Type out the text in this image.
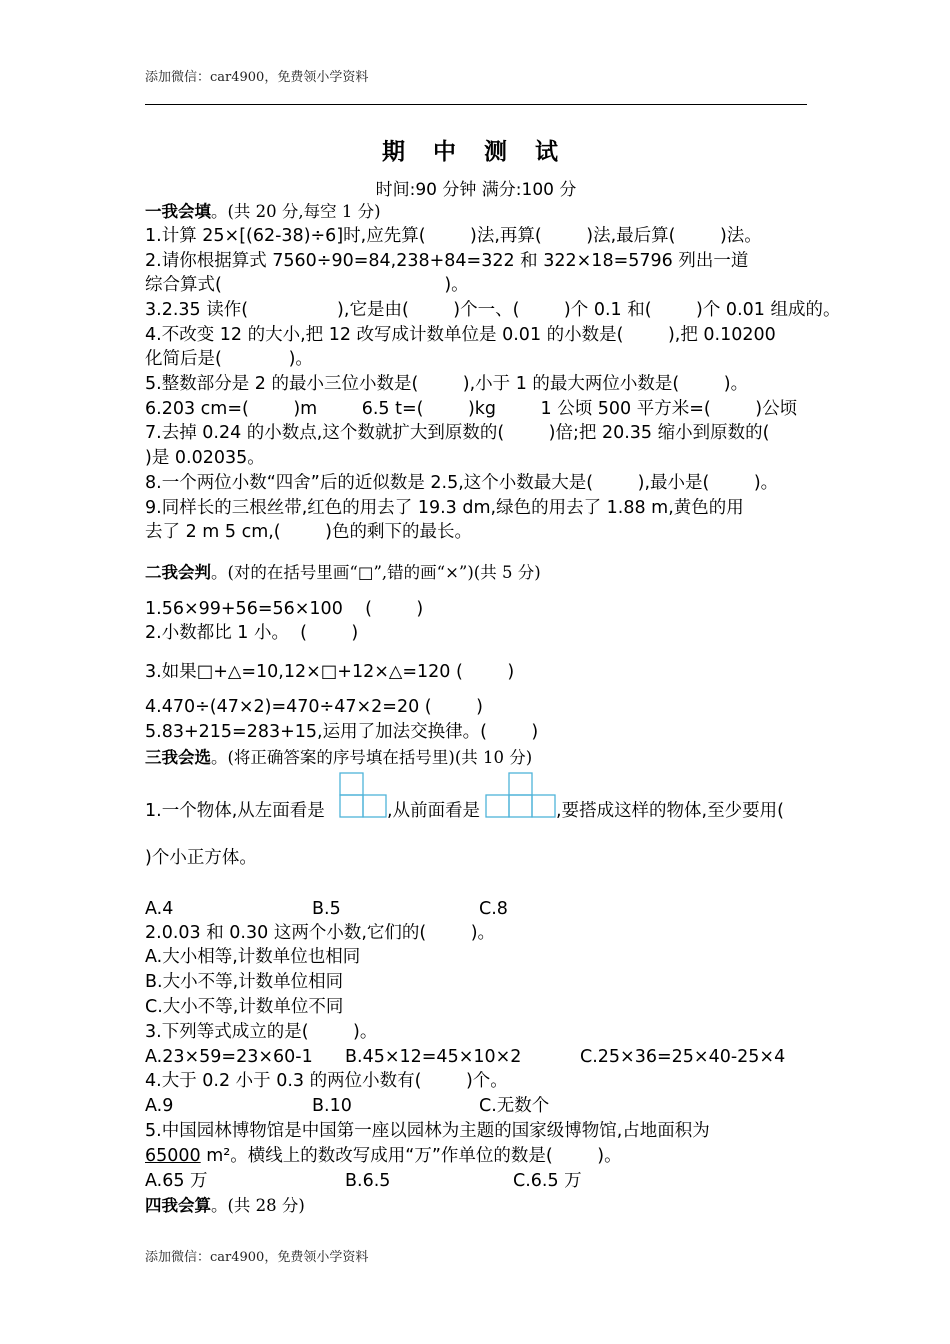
添加微信：car4900，免费领小学资料
期 中 测 试
时间:90 分钟 满分:100 分
一我会填。(共 20 分,每空 1 分)
1.计算 25×[(62-38)÷6]时,应先算(        )法,再算(        )法,最后算(        )法。
2.请你根据算式 7560÷90=84,238+84=322 和 322×18=5796 列出一道
综合算式(                                        )。
3.2.35 读作(                ),它是由(        )个一、(        )个 0.1 和(        )个 0.01 组成的。
4.不改变 12 的大小,把 12 改写成计数单位是 0.01 的小数是(        ),把 0.10200
化简后是(            )。
5.整数部分是 2 的最小三位小数是(        ),小于 1 的最大两位小数是(        )。
6.203 cm=(        )m        6.5 t=(        )kg        1 公顷 500 平方米=(        )公顷
7.去掉 0.24 的小数点,这个数就扩大到原数的(        )倍;把 20.35 缩小到原数的(
)是 0.02035。
8.一个两位小数“四舍”后的近似数是 2.5,这个小数最大是(        ),最小是(        )。
9.同样长的三根丝带,红色的用去了 19.3 dm,绿色的用去了 1.88 m,黄色的用
去了 2 m 5 cm,(        )色的剩下的最长。
二我会判。(对的在括号里画“□”,错的画“×”)(共 5 分)
1.56×99+56=56×100    (        )
2.小数都比 1 小。  (        )
3.如果□+△=10,12×□+12×△=120 (        )
4.470÷(47×2)=470÷47×2=20 (        )
5.83+215=283+15,运用了加法交换律。(        )
三我会选。(将正确答案的序号填在括号里)(共 10 分)
1.一个物体,从左面看是	,从前面看是	,要搭成这样的物体,至少要用(
)个小正方体。
A.4	B.5	C.8
2.0.03 和 0.30 这两个小数,它们的(        )。
A.大小相等,计数单位也相同
B.大小不等,计数单位相同
C.大小不等,计数单位不同
3.下列等式成立的是(        )。
A.23×59=23×60-1 B.45×12=45×10×2	C.25×36=25×40-25×4
4.大于 0.2 小于 0.3 的两位小数有(        )个。
A.9	B.10	C.无数个
5.中国园林博物馆是中国第一座以园林为主题的国家级博物馆,占地面积为
65000 m²。横线上的数改写成用“万”作单位的数是(        )。
A.65 万	B.6.5	C.6.5 万
四我会算。(共 28 分)
添加微信：car4900，免费领小学资料
